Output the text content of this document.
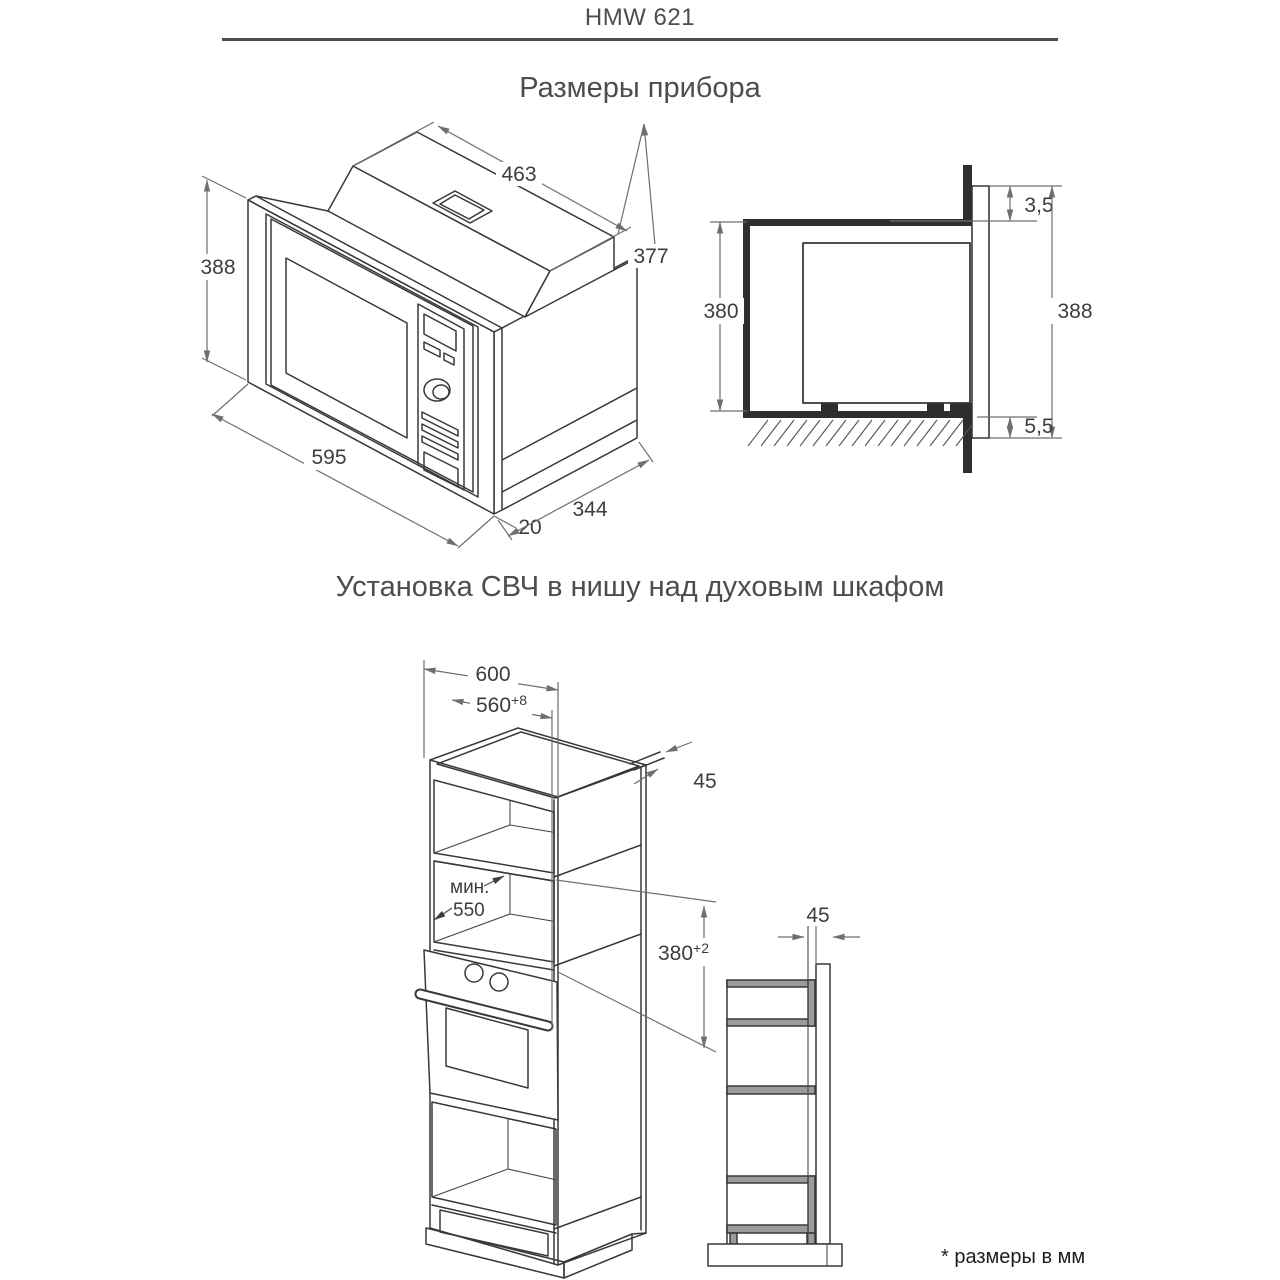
HMW 621
Размеры прибора
Установка СВЧ в нишу над духовым шкафом
388
463
377
595
20
344
380
3,5
388
5,5
мин.
550
600
$560^{+8}$
45
$380^{+2}$
45
* размеры в мм
